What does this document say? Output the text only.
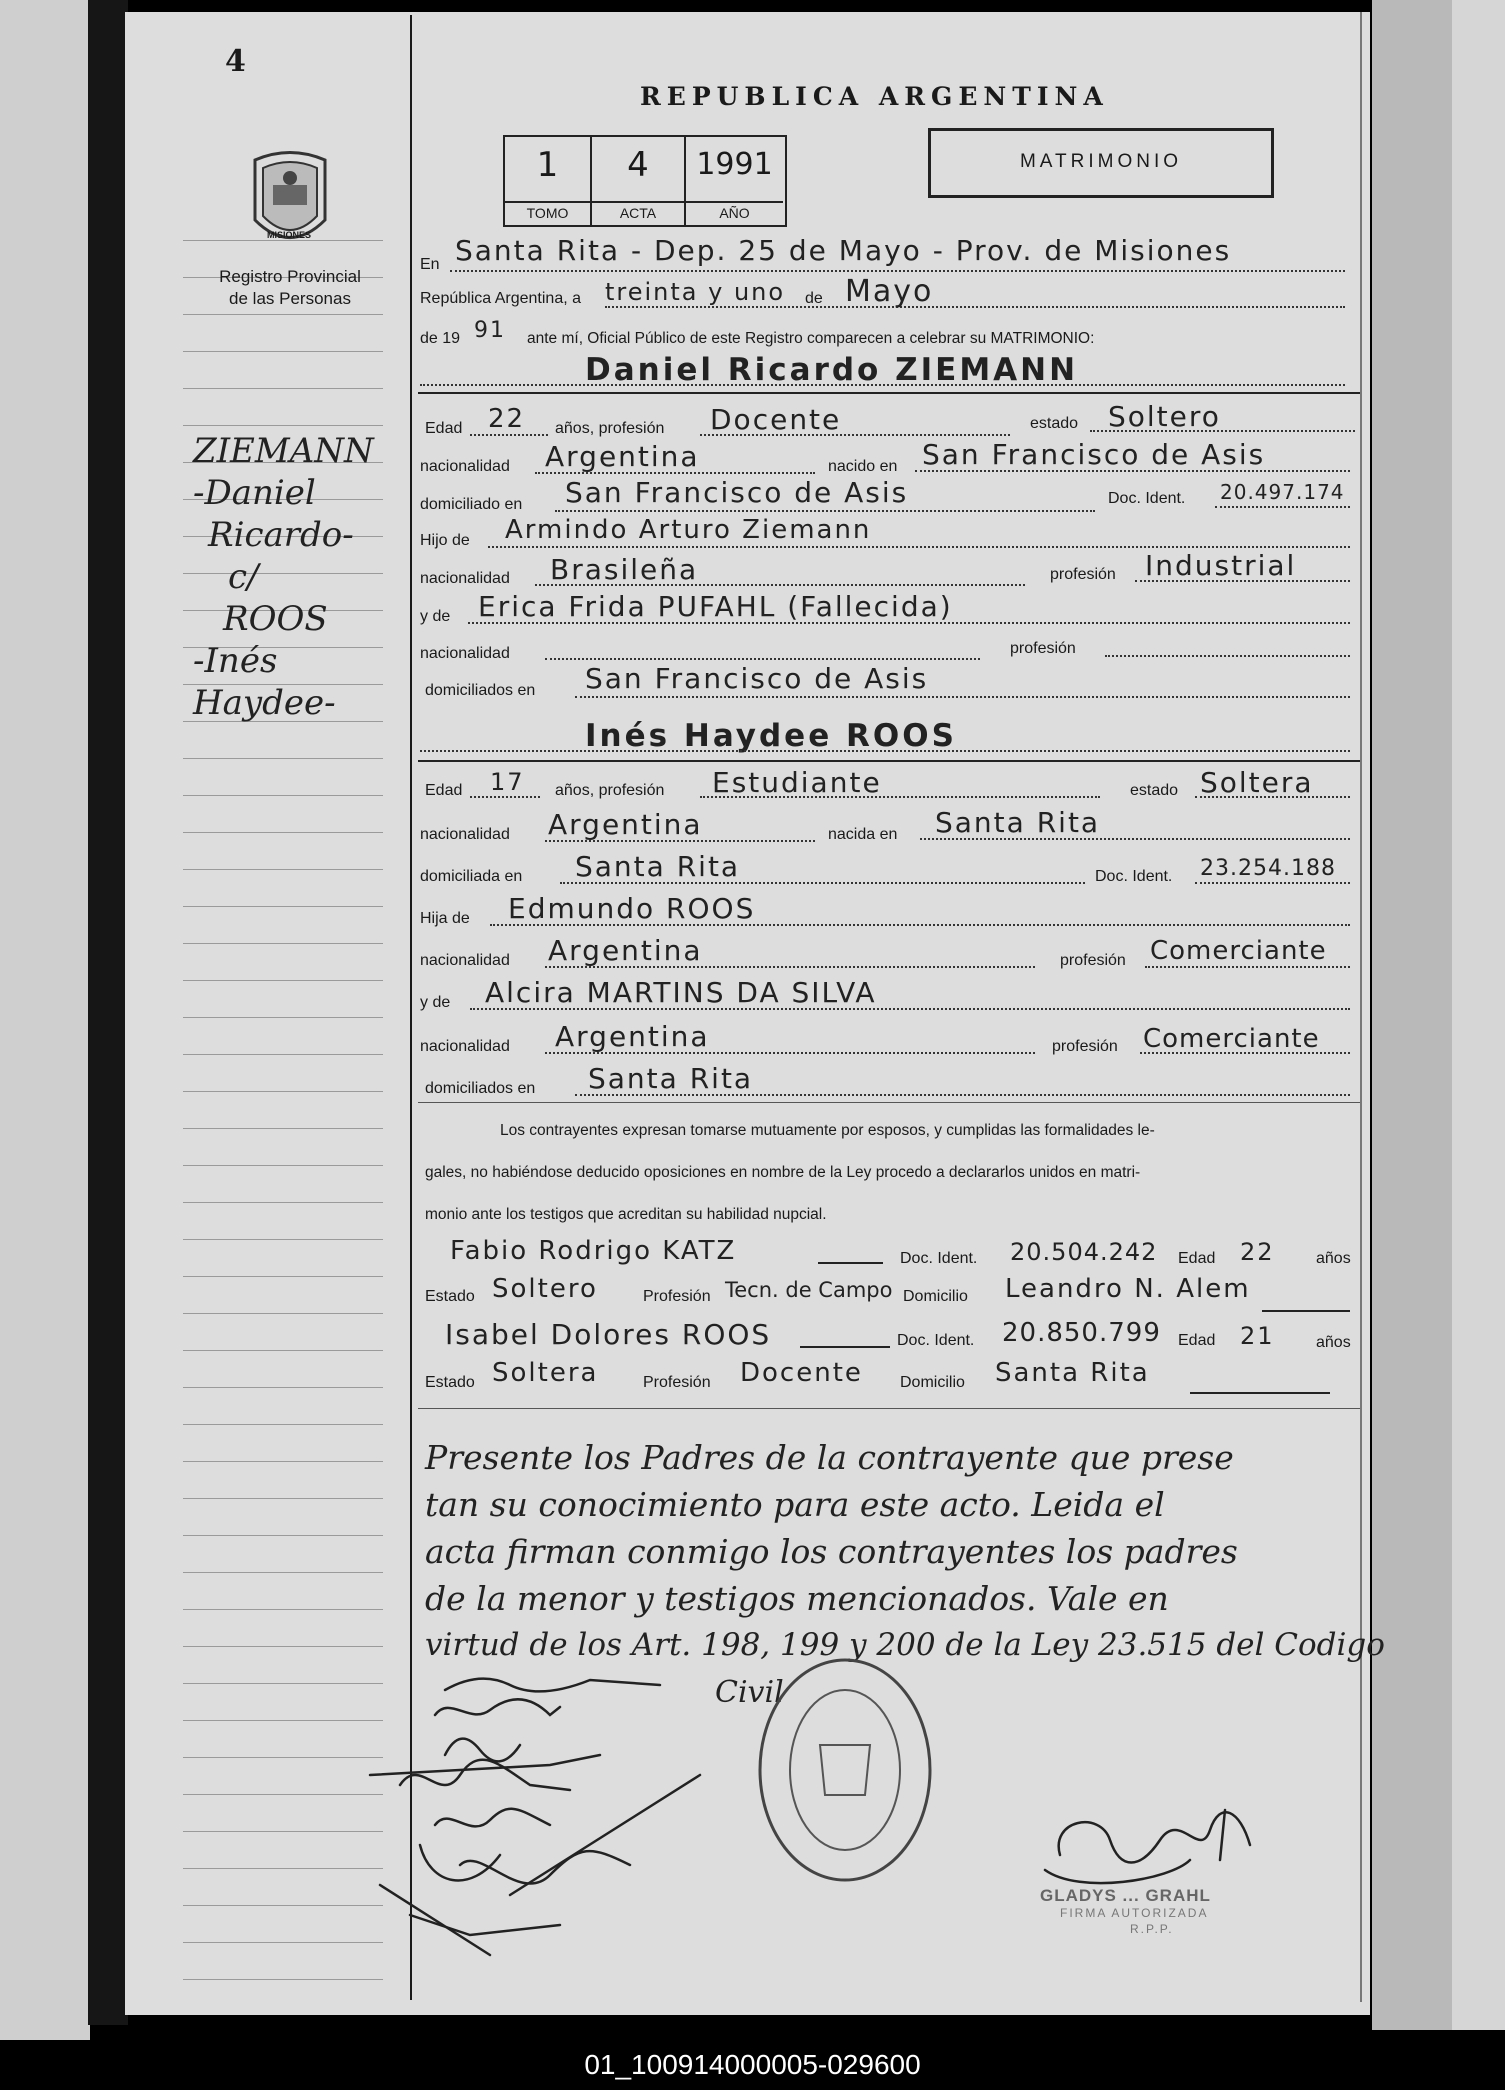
4
REPUBLICA ARGENTINA
1
TOMO
4
ACTA
1991
AÑO
MATRIMONIO
MISIONES
Registro Provincial
de las Personas
ZIEMANN
-Daniel
Ricardo-
c/
ROOS
-Inés
Haydee-
En Santa Rita - Dep. 25 de Mayo - Prov. de Misiones
República Argentina, a treinta y uno de Mayo
de 19 91 ante mí, Oficial Público de este Registro comparecen a celebrar su MATRIMONIO:
Daniel Ricardo ZIEMANN
Edad 22 años, profesión Docente	estado Soltero
nacionalidad Argentina	nacido en San Francisco de Asis
domiciliado en San Francisco de Asis	Doc. Ident. 20.497.174
Hijo de Armindo Arturo Ziemann
nacionalidad Brasileña	profesión Industrial
y de Erica Frida PUFAHL (Fallecida)
nacionalidad	profesión
domiciliados en San Francisco de Asis
Inés Haydee ROOS
Edad 17 años, profesión Estudiante	estado Soltera
nacionalidad Argentina	nacida en Santa Rita
domiciliada en Santa Rita	Doc. Ident. 23.254.188
Hija de Edmundo ROOS
nacionalidad Argentina	profesión Comerciante
y de Alcira MARTINS DA SILVA
nacionalidad Argentina	profesión Comerciante
domiciliados en Santa Rita
Los contrayentes expresan tomarse mutuamente por esposos, y cumplidas las formalidades le-
gales, no habiéndose deducido oposiciones en nombre de la Ley procedo a declararlos unidos en matri-
monio ante los testigos que acreditan su habilidad nupcial.
Fabio Rodrigo KATZ	Doc. Ident. 20.504.242 Edad 22	años
Estado Soltero	Profesión Tecn. de Campo Domicilio Leandro N. Alem
Isabel Dolores ROOS	Doc. Ident. 20.850.799 Edad 21	años
Estado Soltera	Profesión Docente Domicilio Santa Rita
Presente los Padres de la contrayente que prese
tan su conocimiento para este acto. Leida el
acta firman conmigo los contrayentes los padres
de la menor y testigos mencionados. Vale en
virtud de los Art. 198, 199 y 200 de la Ley 23.515 del Codigo
Civil
GLADYS ... GRAHL
FIRMA AUTORIZADA
R.P.P.
01_100914000005-029600
